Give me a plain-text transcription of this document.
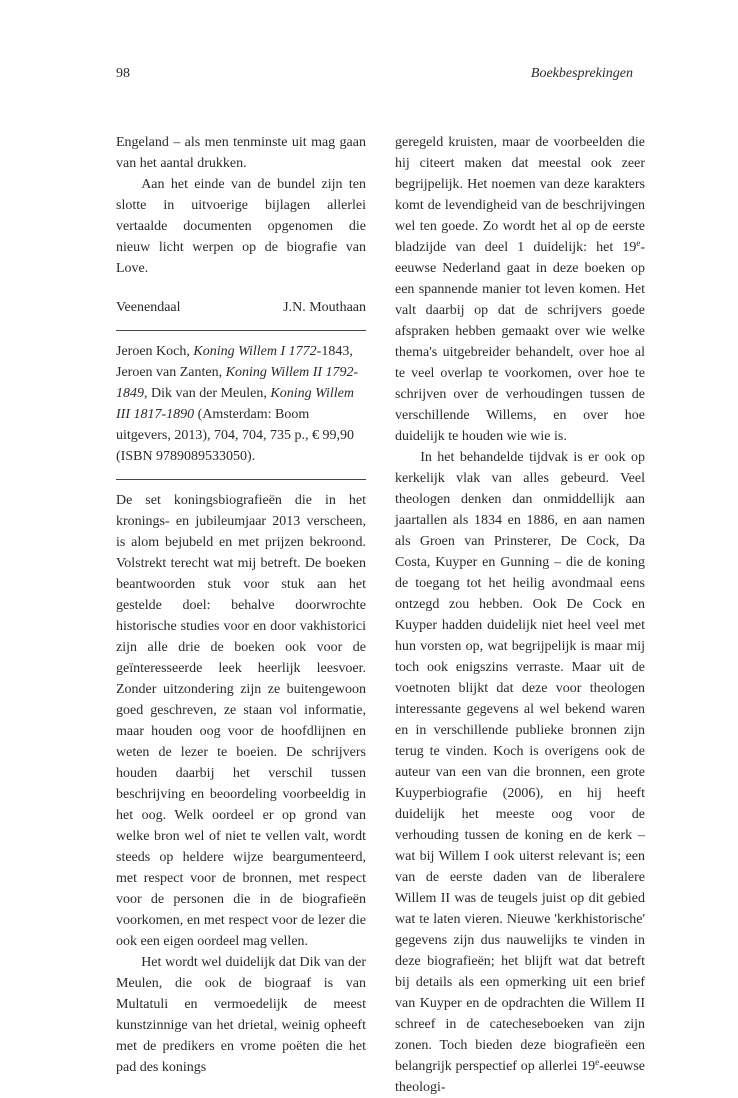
98	Boekbesprekingen

Engeland – als men tenminste uit mag gaan van het aantal drukken.

Aan het einde van de bundel zijn ten slotte in uitvoerige bijlagen allerlei vertaalde documenten opgenomen die nieuw licht werpen op de biografie van Love.

Veenendaal	J.N. Mouthaan

Jeroen Koch, Koning Willem I 1772-1843, Jeroen van Zanten, Koning Willem II 1792-1849, Dik van der Meulen, Koning Willem III 1817-1890 (Amsterdam: Boom uitgevers, 2013), 704, 704, 735 p., € 99,90 (ISBN 9789089533050).

De set koningsbiografieën die in het kronings- en jubileumjaar 2013 verscheen, is alom bejubeld en met prijzen bekroond. Volstrekt terecht wat mij betreft. De boeken beantwoorden stuk voor stuk aan het gestelde doel: behalve doorwrochte historische studies voor en door vakhistorici zijn alle drie de boeken ook voor de geïnteresseerde leek heerlijk leesvoer. Zonder uitzondering zijn ze buitengewoon goed geschreven, ze staan vol informatie, maar houden oog voor de hoofdlijnen en weten de lezer te boeien. De schrijvers houden daarbij het verschil tussen beschrijving en beoordeling voorbeeldig in het oog. Welk oordeel er op grond van welke bron wel of niet te vellen valt, wordt steeds op heldere wijze beargumenteerd, met respect voor de bronnen, met respect voor de personen die in de biografieën voorkomen, en met respect voor de lezer die ook een eigen oordeel mag vellen.

Het wordt wel duidelijk dat Dik van der Meulen, die ook de biograaf is van Multatuli en vermoedelijk de meest kunstzinnige van het drietal, weinig opheeft met de predikers en vrome poëten die het pad des konings

geregeld kruisten, maar de voorbeelden die hij citeert maken dat meestal ook zeer begrijpelijk. Het noemen van deze karakters komt de levendigheid van de beschrijvingen wel ten goede. Zo wordt het al op de eerste bladzijde van deel 1 duidelijk: het 19e-eeuwse Nederland gaat in deze boeken op een spannende manier tot leven komen. Het valt daarbij op dat de schrijvers goede afspraken hebben gemaakt over wie welke thema's uitgebreider behandelt, over hoe al te veel overlap te voorkomen, over hoe te schrijven over de verhoudingen tussen de verschillende Willems, en over hoe duidelijk te houden wie wie is.

In het behandelde tijdvak is er ook op kerkelijk vlak van alles gebeurd. Veel theologen denken dan onmiddellijk aan jaartallen als 1834 en 1886, en aan namen als Groen van Prinsterer, De Cock, Da Costa, Kuyper en Gunning – die de koning de toegang tot het heilig avondmaal eens ontzegd zou hebben. Ook De Cock en Kuyper hadden duidelijk niet heel veel met hun vorsten op, wat begrijpelijk is maar mij toch ook enigszins verraste. Maar uit de voetnoten blijkt dat deze voor theologen interessante gegevens al wel bekend waren en in verschillende publieke bronnen zijn terug te vinden. Koch is overigens ook de auteur van een van die bronnen, een grote Kuyperbiografie (2006), en hij heeft duidelijk het meeste oog voor de verhouding tussen de koning en de kerk – wat bij Willem I ook uiterst relevant is; een van de eerste daden van de liberalere Willem II was de teugels juist op dit gebied wat te laten vieren. Nieuwe 'kerkhistorische' gegevens zijn dus nauwelijks te vinden in deze biografieën; het blijft wat dat betreft bij details als een opmerking uit een brief van Kuyper en de opdrachten die Willem II schreef in de catechesebοeken van zijn zonen. Toch bieden deze biografieën een belangrijk perspectief op allerlei 19e-eeuwse theologi-
